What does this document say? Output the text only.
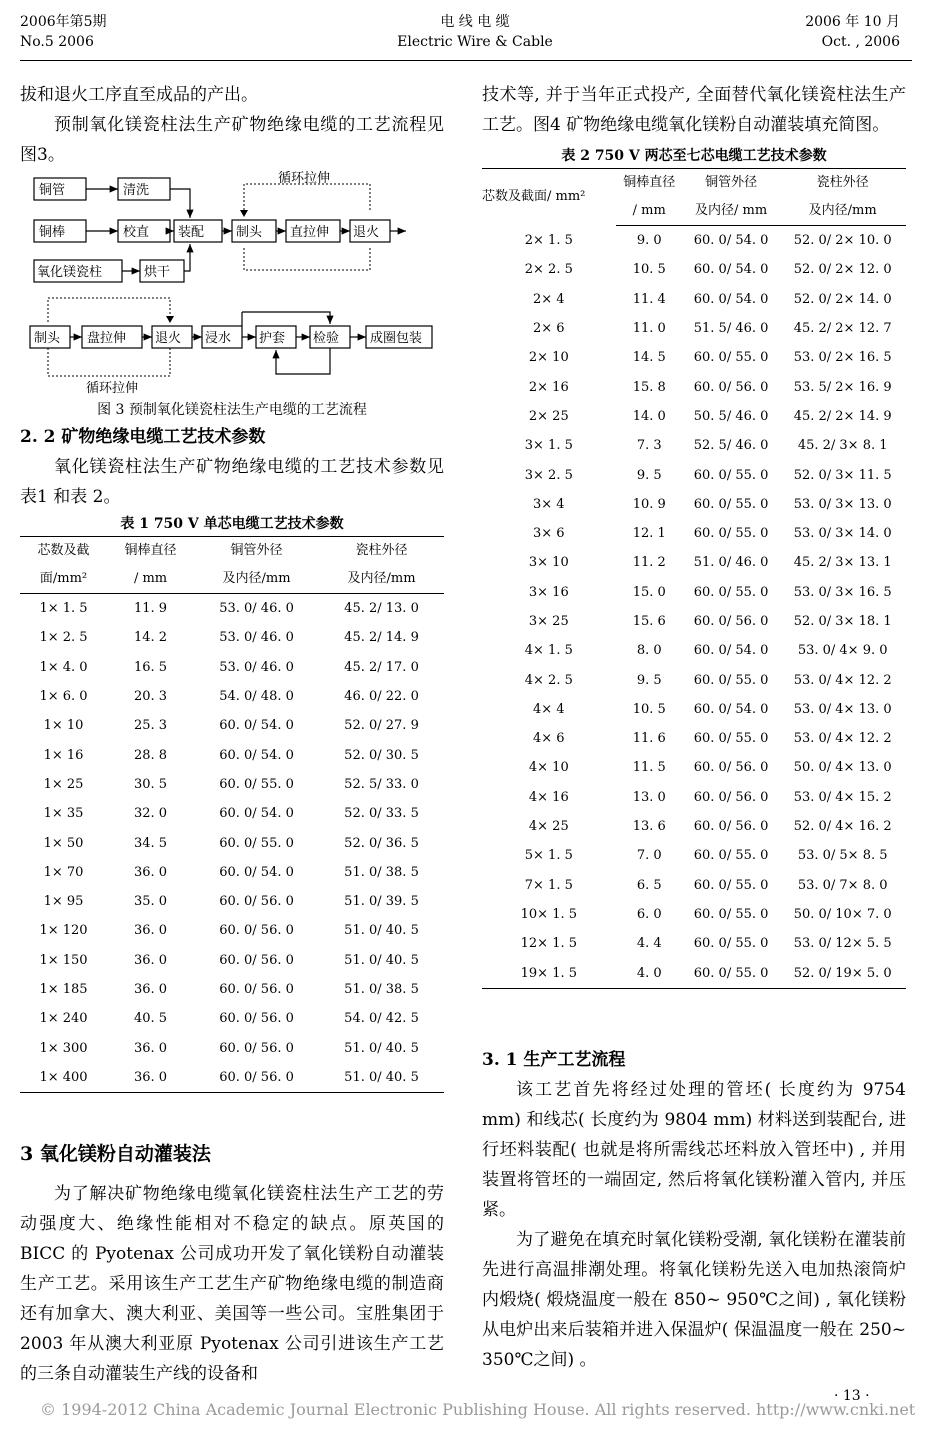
2006年第5期
No.5 2006
电 线 电 缆
Electric Wire & Cable
2006 年 10 月
Oct. , 2006

拔和退火工序直至成品的产出。

预制氧化镁瓷柱法生产矿物绝缘电缆的工艺流程见图3。

循环拉伸
铜管	清洗
铜棒	校直 装配 制头 直拉伸 退火
氧化镁瓷柱	烘干
制头 盘拉伸 退火 浸水 护套 检验 成圈包装
循环拉伸
图 3 预制氧化镁瓷柱法生产电缆的工艺流程

2. 2 矿物绝缘电缆工艺技术参数

氧化镁瓷柱法生产矿物绝缘电缆的工艺技术参数见表1 和表 2。

表 1 750 V 单芯电缆工艺技术参数

芯数及截	铜棒直径	铜管外径	瓷柱外径
面/mm²	/ mm	及内径/mm	及内径/mm
1× 1. 5	11. 9	53. 0/ 46. 0	45. 2/ 13. 0
1× 2. 5	14. 2	53. 0/ 46. 0	45. 2/ 14. 9
1× 4. 0	16. 5	53. 0/ 46. 0	45. 2/ 17. 0
1× 6. 0	20. 3	54. 0/ 48. 0	46. 0/ 22. 0
1× 10	25. 3	60. 0/ 54. 0	52. 0/ 27. 9
1× 16	28. 8	60. 0/ 54. 0	52. 0/ 30. 5
1× 25	30. 5	60. 0/ 55. 0	52. 5/ 33. 0
1× 35	32. 0	60. 0/ 54. 0	52. 0/ 33. 5
1× 50	34. 5	60. 0/ 55. 0	52. 0/ 36. 5
1× 70	36. 0	60. 0/ 54. 0	51. 0/ 38. 5
1× 95	35. 0	60. 0/ 56. 0	51. 0/ 39. 5
1× 120	36. 0	60. 0/ 56. 0	51. 0/ 40. 5
1× 150	36. 0	60. 0/ 56. 0	51. 0/ 40. 5
1× 185	36. 0	60. 0/ 56. 0	51. 0/ 38. 5
1× 240	40. 5	60. 0/ 56. 0	54. 0/ 42. 5
1× 300	36. 0	60. 0/ 56. 0	51. 0/ 40. 5
1× 400	36. 0	60. 0/ 56. 0	51. 0/ 40. 5

3 氧化镁粉自动灌装法

为了解决矿物绝缘电缆氧化镁瓷柱法生产工艺的劳动强度大、绝缘性能相对不稳定的缺点。原英国的 BICC 的 Pyotenax 公司成功开发了氧化镁粉自动灌装生产工艺。采用该生产工艺生产矿物绝缘电缆的制造商还有加拿大、澳大利亚、美国等一些公司。宝胜集团于 2003 年从澳大利亚原 Pyotenax 公司引进该生产工艺的三条自动灌装生产线的设备和

技术等, 并于当年正式投产, 全面替代氧化镁瓷柱法生产工艺。图4 矿物绝缘电缆氧化镁粉自动灌装填充简图。

表 2 750 V 两芯至七芯电缆工艺技术参数

芯数及截面/ mm²	铜棒直径	铜管外径	瓷柱外径
	/ mm	及内径/ mm	及内径/mm
2× 1. 5	9. 0	60. 0/ 54. 0	52. 0/ 2× 10. 0
2× 2. 5	10. 5	60. 0/ 54. 0	52. 0/ 2× 12. 0
2× 4	11. 4	60. 0/ 54. 0	52. 0/ 2× 14. 0
2× 6	11. 0	51. 5/ 46. 0	45. 2/ 2× 12. 7
2× 10	14. 5	60. 0/ 55. 0	53. 0/ 2× 16. 5
2× 16	15. 8	60. 0/ 56. 0	53. 5/ 2× 16. 9
2× 25	14. 0	50. 5/ 46. 0	45. 2/ 2× 14. 9
3× 1. 5	7. 3	52. 5/ 46. 0	45. 2/ 3× 8. 1
3× 2. 5	9. 5	60. 0/ 55. 0	52. 0/ 3× 11. 5
3× 4	10. 9	60. 0/ 55. 0	53. 0/ 3× 13. 0
3× 6	12. 1	60. 0/ 55. 0	53. 0/ 3× 14. 0
3× 10	11. 2	51. 0/ 46. 0	45. 2/ 3× 13. 1
3× 16	15. 0	60. 0/ 55. 0	53. 0/ 3× 16. 5
3× 25	15. 6	60. 0/ 56. 0	52. 0/ 3× 18. 1
4× 1. 5	8. 0	60. 0/ 54. 0	53. 0/ 4× 9. 0
4× 2. 5	9. 5	60. 0/ 55. 0	53. 0/ 4× 12. 2
4× 4	10. 5	60. 0/ 54. 0	53. 0/ 4× 13. 0
4× 6	11. 6	60. 0/ 55. 0	53. 0/ 4× 12. 2
4× 10	11. 5	60. 0/ 56. 0	50. 0/ 4× 13. 0
4× 16	13. 0	60. 0/ 56. 0	53. 0/ 4× 15. 2
4× 25	13. 6	60. 0/ 56. 0	52. 0/ 4× 16. 2
5× 1. 5	7. 0	60. 0/ 55. 0	53. 0/ 5× 8. 5
7× 1. 5	6. 5	60. 0/ 55. 0	53. 0/ 7× 8. 0
10× 1. 5	6. 0	60. 0/ 55. 0	50. 0/ 10× 7. 0
12× 1. 5	4. 4	60. 0/ 55. 0	53. 0/ 12× 5. 5
19× 1. 5	4. 0	60. 0/ 55. 0	52. 0/ 19× 5. 0

3. 1 生产工艺流程

该工艺首先将经过处理的管坯( 长度约为 9754 mm) 和线芯( 长度约为 9804 mm) 材料送到装配台, 进行坯料装配( 也就是将所需线芯坯料放入管坯中) , 并用装置将管坯的一端固定, 然后将氧化镁粉灌入管内, 并压紧。

为了避免在填充时氧化镁粉受潮, 氧化镁粉在灌装前先进行高温排潮处理。将氧化镁粉先送入电加热滚筒炉内煅烧( 煅烧温度一般在 850~ 950℃之间) , 氧化镁粉从电炉出来后装箱并进入保温炉( 保温温度一般在 250~ 350℃之间) 。

· 13 ·
© 1994-2012 China Academic Journal Electronic Publishing House. All rights reserved. http://www.cnki.net
